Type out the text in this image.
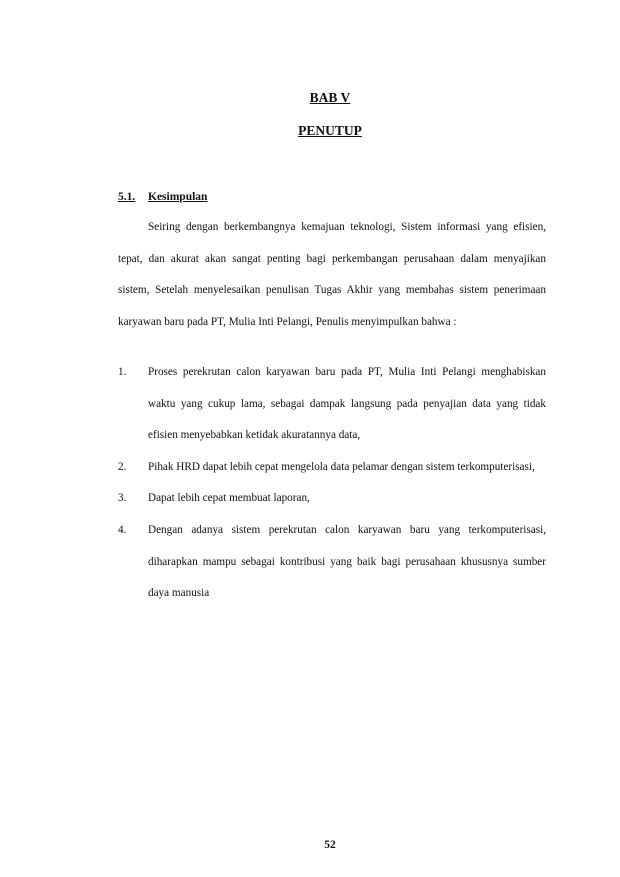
BAB V
PENUTUP
5.1. Kesimpulan

Seiring dengan berkembangnya kemajuan teknologi, Sistem informasi yang efisien, tepat, dan akurat akan sangat penting bagi perkembangan perusahaan dalam menyajikan sistem, Setelah menyelesaikan penulisan Tugas Akhir yang membahas sistem penerimaan karyawan baru pada PT, Mulia Inti Pelangi, Penulis menyimpulkan bahwa :

1. Proses perekrutan calon karyawan baru pada PT, Mulia Inti Pelangi menghabiskan waktu yang cukup lama, sebagai dampak langsung pada penyajian data yang tidak efisien menyebabkan ketidak akuratannya data,
2. Pihak HRD dapat lebih cepat mengelola data pelamar dengan sistem terkomputerisasi,
3. Dapat lebih cepat membuat laporan,
4. Dengan adanya sistem perekrutan calon karyawan baru yang terkomputerisasi, diharapkan mampu sebagai kontribusi yang baik bagi perusahaan khususnya sumber daya manusia

52
